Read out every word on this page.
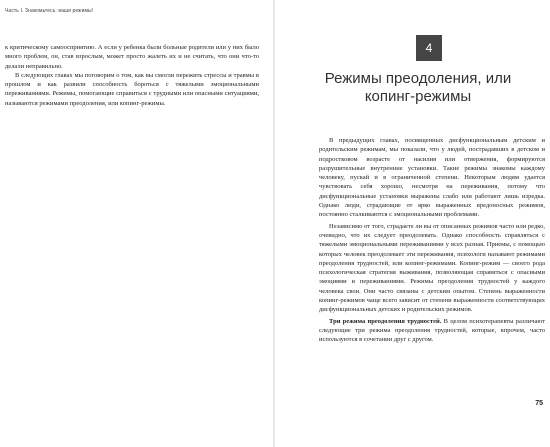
Часть I. Знакомьтесь: ваши режимы!

к критическому самоосприятию. А если у ребенка были больные родители или у них было много проблем, он, став взрослым, может просто жалеть их и не считать, что они что-то делали неправильно.

В следующих главах мы поговорим о том, как вы смогли пережить стрессы и травмы в прошлом и как развили способность бороться с тяжелыми эмоциональными переживаниями. Режимы, помогающие справиться с трудными или опасными ситуациями, называются режимами преодоления, или копинг-режимы.

4
Режимы преодоления, или копинг-режимы

В предыдущих главах, посвященных дисфункциональным детским и родительским режимам, мы показали, что у людей, пострадавших в детском и подростковом возрасте от насилия или отвержения, формируются разрушительные внутренние установки. Такие режимы знакомы каждому человеку, пускай и в ограниченной степени. Некоторым людям удается чувствовать себя хорошо, несмотря на переживания, потому что дисфункциональные установки выражены слабо или работают лишь изредка. Однако люди, страдающие от ярко выраженных вредоносных режимов, постоянно сталкиваются с эмоциональными проблемами.

Независимо от того, страдаете ли вы от описанных режимов часто или редко, очевидно, что их следует преодолевать. Однако способность справляться с тяжелыми эмоциональными переживаниями у всех разная. Приемы, с помощью которых человек преодолевает эти переживания, психологи называют режимами преодоления трудностей, или копинг-режимами. Копинг-режим — своего рода психологическая стратегия выживания, позволяющая справиться с опасными эмоциями и переживаниями. Режимы преодоления трудностей у каждого человека свои. Они часто связаны с детским опытом. Степень выраженности копинг-режимов чаще всего зависит от степени выраженности соответствующих дисфункциональных детских и родительских режимов.

Три режима преодоления трудностей. В целом психотерапевты различают следующие три режима преодоления трудностей, которые, впрочем, часто используются в сочетании друг с другом.

75
